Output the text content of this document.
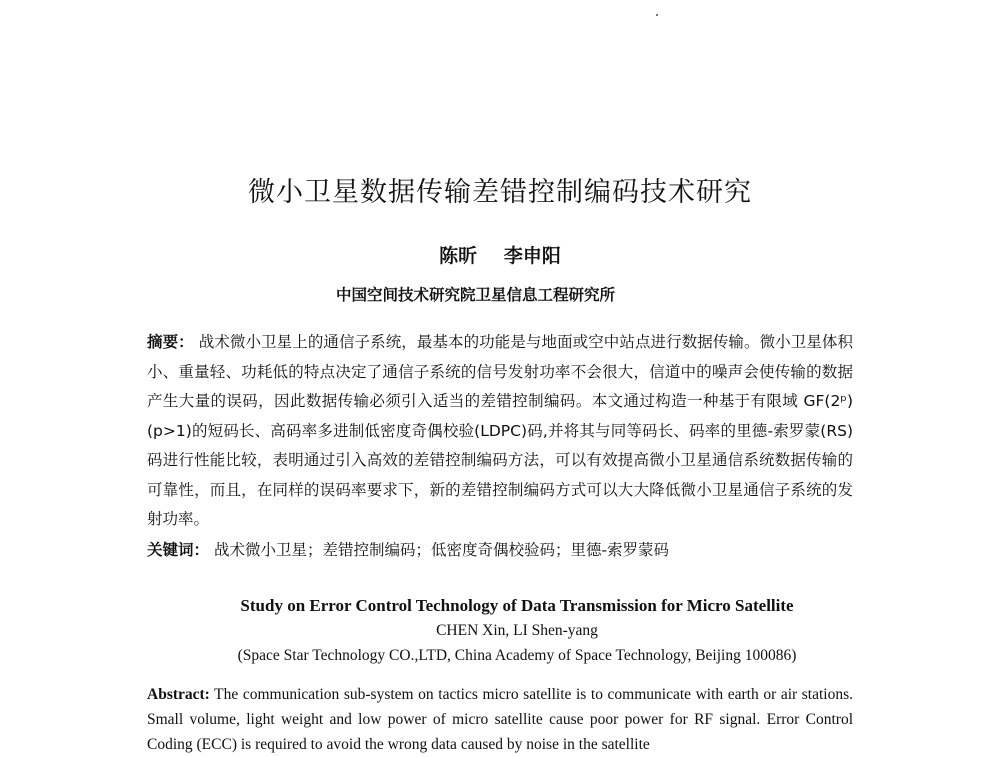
微小卫星数据传输差错控制编码技术研究
陈昕 李申阳
中国空间技术研究院卫星信息工程研究所
摘要： 战术微小卫星上的通信子系统，最基本的功能是与地面或空中站点进行数据传输。微小卫星体积小、重量轻、功耗低的特点决定了通信子系统的信号发射功率不会很大，信道中的噪声会使传输的数据产生大量的误码，因此数据传输必须引入适当的差错控制编码。本文通过构造一种基于有限域 GF(2ᵖ) (p>1)的短码长、高码率多进制低密度奇偶校验(LDPC)码,并将其与同等码长、码率的里德-索罗蒙(RS)码进行性能比较，表明通过引入高效的差错控制编码方法，可以有效提高微小卫星通信系统数据传输的可靠性，而且，在同样的误码率要求下，新的差错控制编码方式可以大大降低微小卫星通信子系统的发射功率。
关键词： 战术微小卫星；差错控制编码；低密度奇偶校验码；里德-索罗蒙码
Study on Error Control Technology of Data Transmission for Micro Satellite
CHEN Xin, LI Shen-yang
(Space Star Technology CO.,LTD, China Academy of Space Technology, Beijing 100086)
Abstract: The communication sub-system on tactics micro satellite is to communicate with earth or air stations. Small volume, light weight and low power of micro satellite cause poor power for RF signal. Error Control Coding (ECC) is required to avoid the wrong data caused by noise in the satellite
